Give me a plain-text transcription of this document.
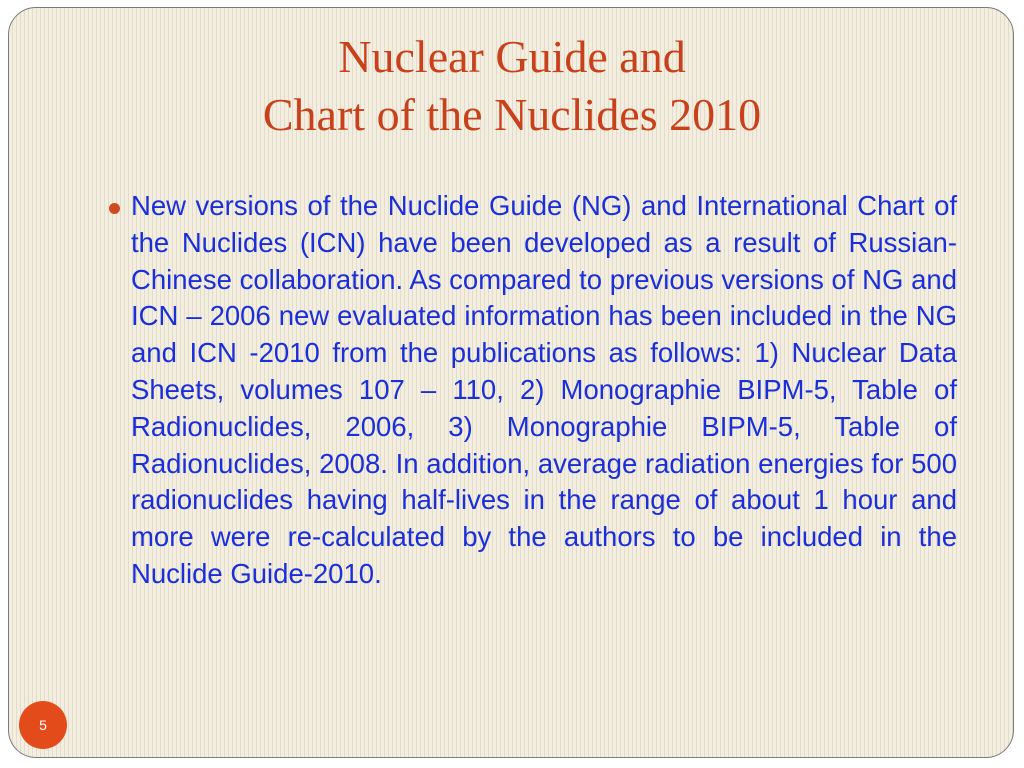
Nuclear Guide and
Chart of the Nuclides 2010
New versions of the Nuclide Guide (NG) and International Chart of the Nuclides (ICN) have been developed as a result of Russian-Chinese collaboration. As compared to previous versions of NG and ICN – 2006 new evaluated information has been included in the NG and ICN -2010 from the publications as follows: 1) Nuclear Data Sheets, volumes 107 – 110, 2) Monographie BIPM-5, Table of Radionuclides, 2006, 3) Monographie BIPM-5, Table of Radionuclides, 2008. In addition, average radiation energies for 500 radionuclides having half-lives in the range of about 1 hour and more were re-calculated by the authors to be included in the Nuclide Guide-2010.
5
